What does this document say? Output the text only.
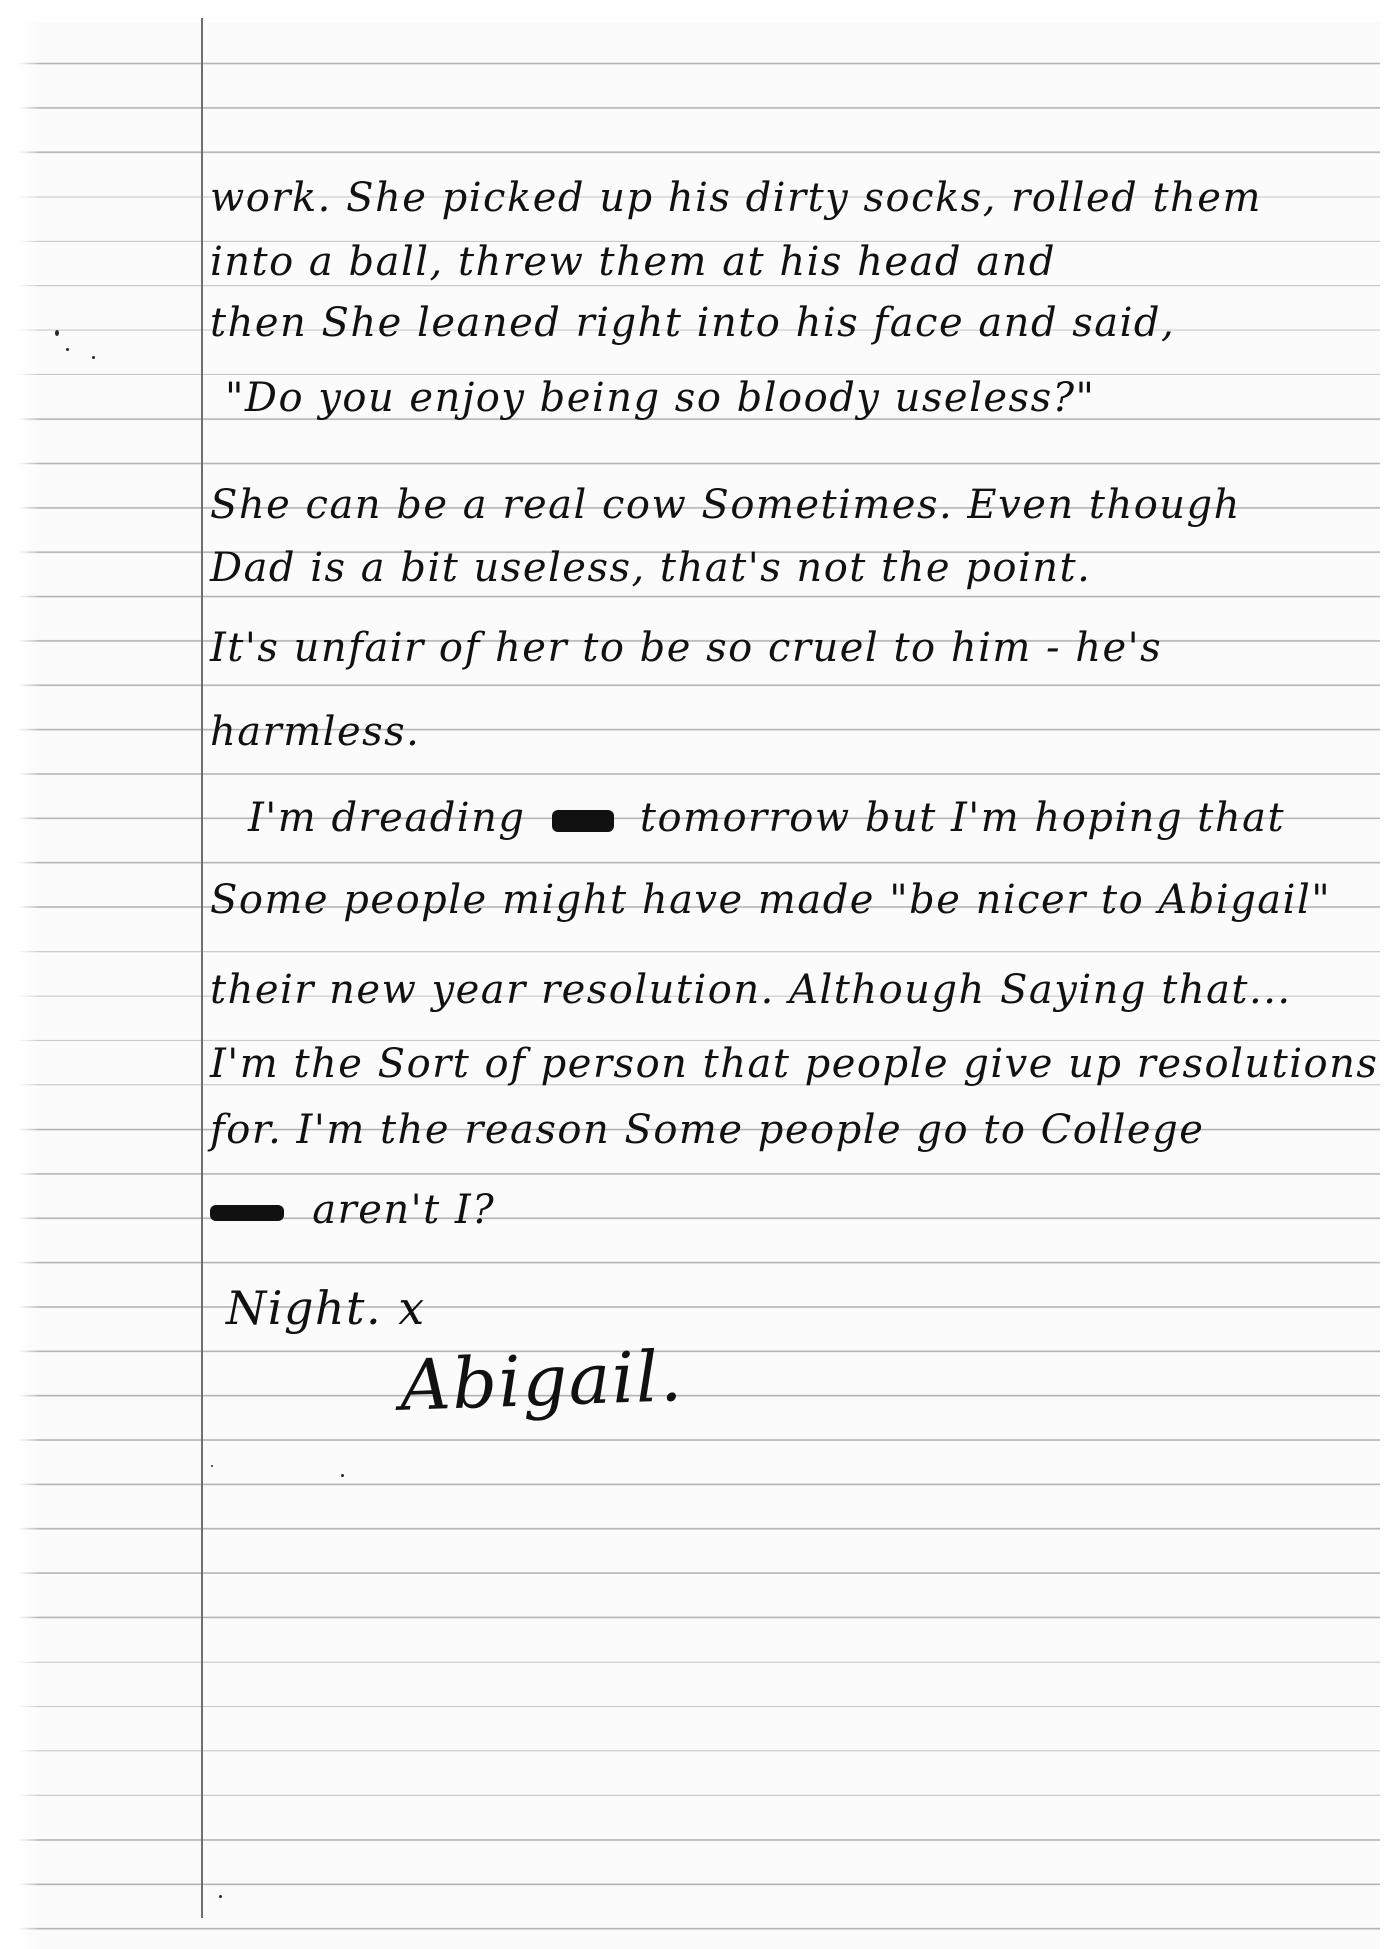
work. She picked up his dirty socks, rolled them
into a ball, threw them at his head and
then She leaned right into his face and said,
"Do you enjoy being so bloody useless?"
She can be a real cow Sometimes. Even though
Dad is a bit useless, that's not the point.
It's unfair of her to be so cruel to him - he's
harmless.
I'm dreading	tomorrow but I'm hoping that
Some people might have made "be nicer to Abigail"
their new year resolution. Although Saying that...
I'm the Sort of person that people give up resolutions
for. I'm the reason Some people go to College
aren't I?
Night. x
Abigail.
